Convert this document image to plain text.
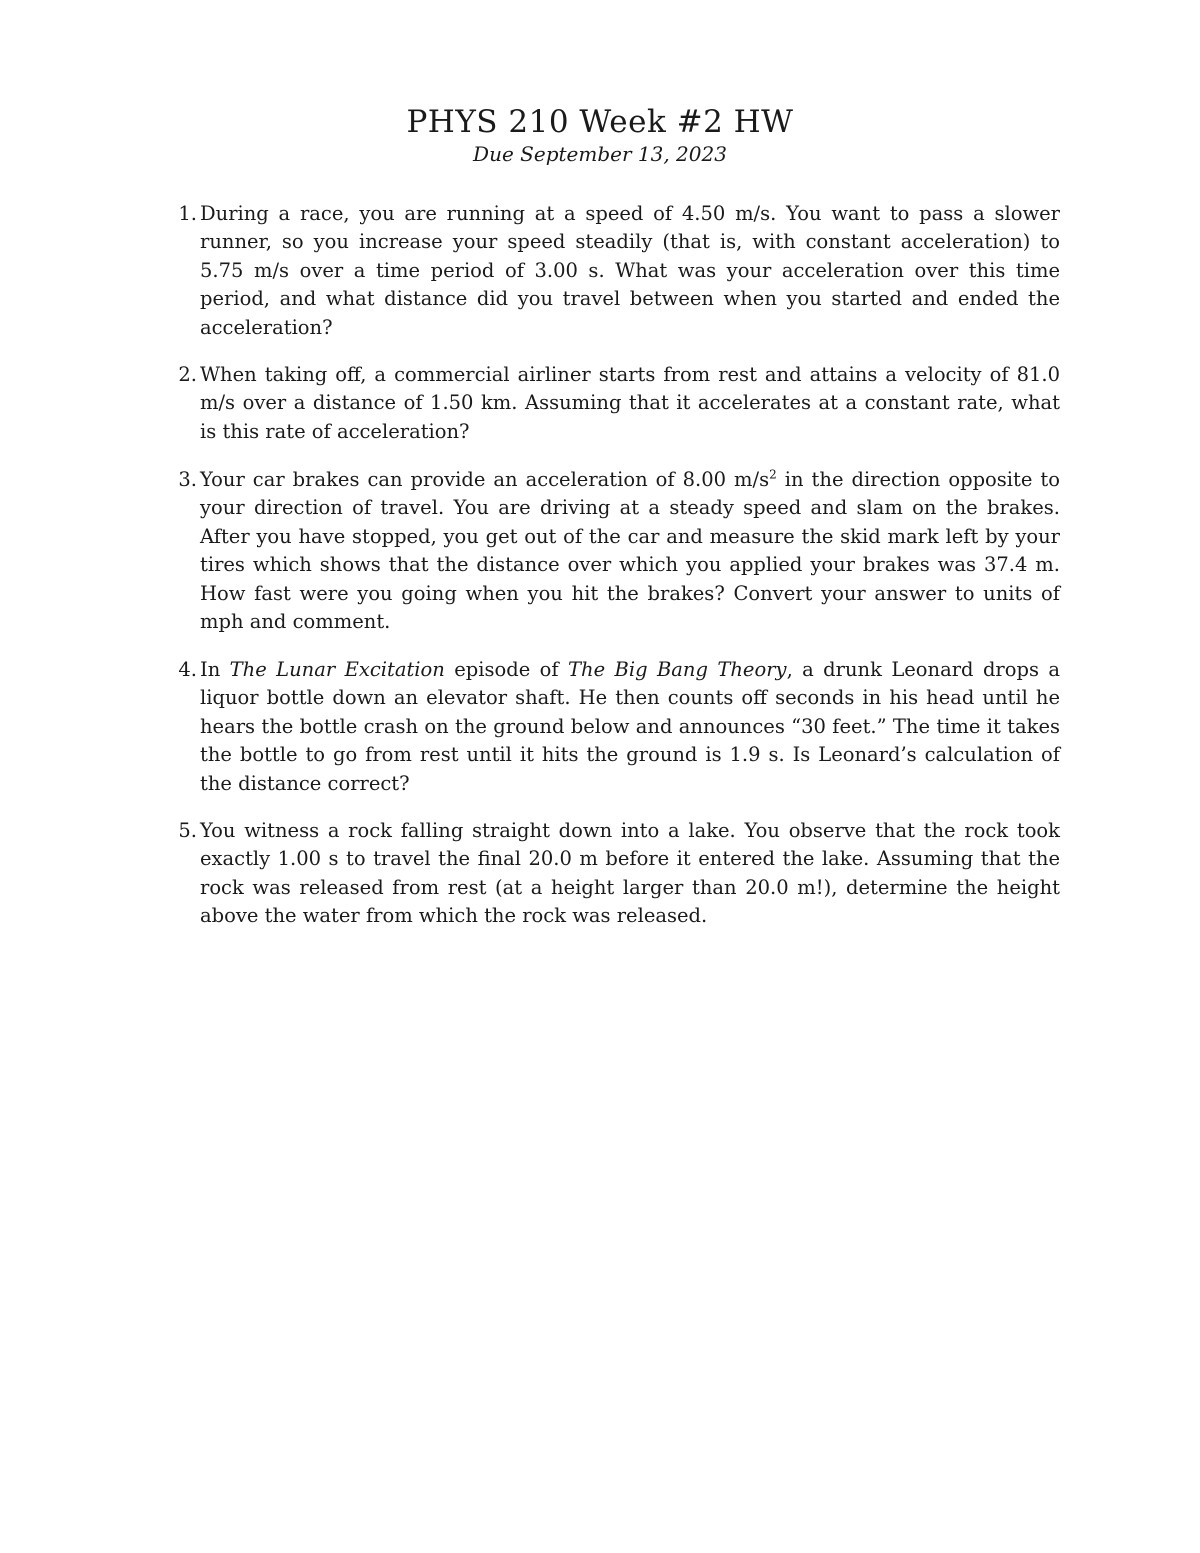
PHYS 210 Week #2 HW
Due September 13, 2023
1. During a race, you are running at a speed of 4.50 m/s. You want to pass a slower runner, so you increase your speed steadily (that is, with constant acceleration) to 5.75 m/s over a time period of 3.00 s. What was your acceleration over this time period, and what distance did you travel between when you started and ended the acceleration?
2. When taking off, a commercial airliner starts from rest and attains a velocity of 81.0 m/s over a distance of 1.50 km. Assuming that it accelerates at a constant rate, what is this rate of acceleration?
3. Your car brakes can provide an acceleration of 8.00 $m/s^2$ in the direction opposite to your direction of travel. You are driving at a steady speed and slam on the brakes. After you have stopped, you get out of the car and measure the skid mark left by your tires which shows that the distance over which you applied your brakes was 37.4 m. How fast were you going when you hit the brakes? Convert your answer to units of mph and comment.
4. In The Lunar Excitation episode of The Big Bang Theory, a drunk Leonard drops a liquor bottle down an elevator shaft. He then counts off seconds in his head until he hears the bottle crash on the ground below and announces “30 feet.” The time it takes the bottle to go from rest until it hits the ground is 1.9 s. Is Leonard’s calculation of the distance correct?
5. You witness a rock falling straight down into a lake. You observe that the rock took exactly 1.00 s to travel the final 20.0 m before it entered the lake. Assuming that the rock was released from rest (at a height larger than 20.0 m!), determine the height above the water from which the rock was released.
